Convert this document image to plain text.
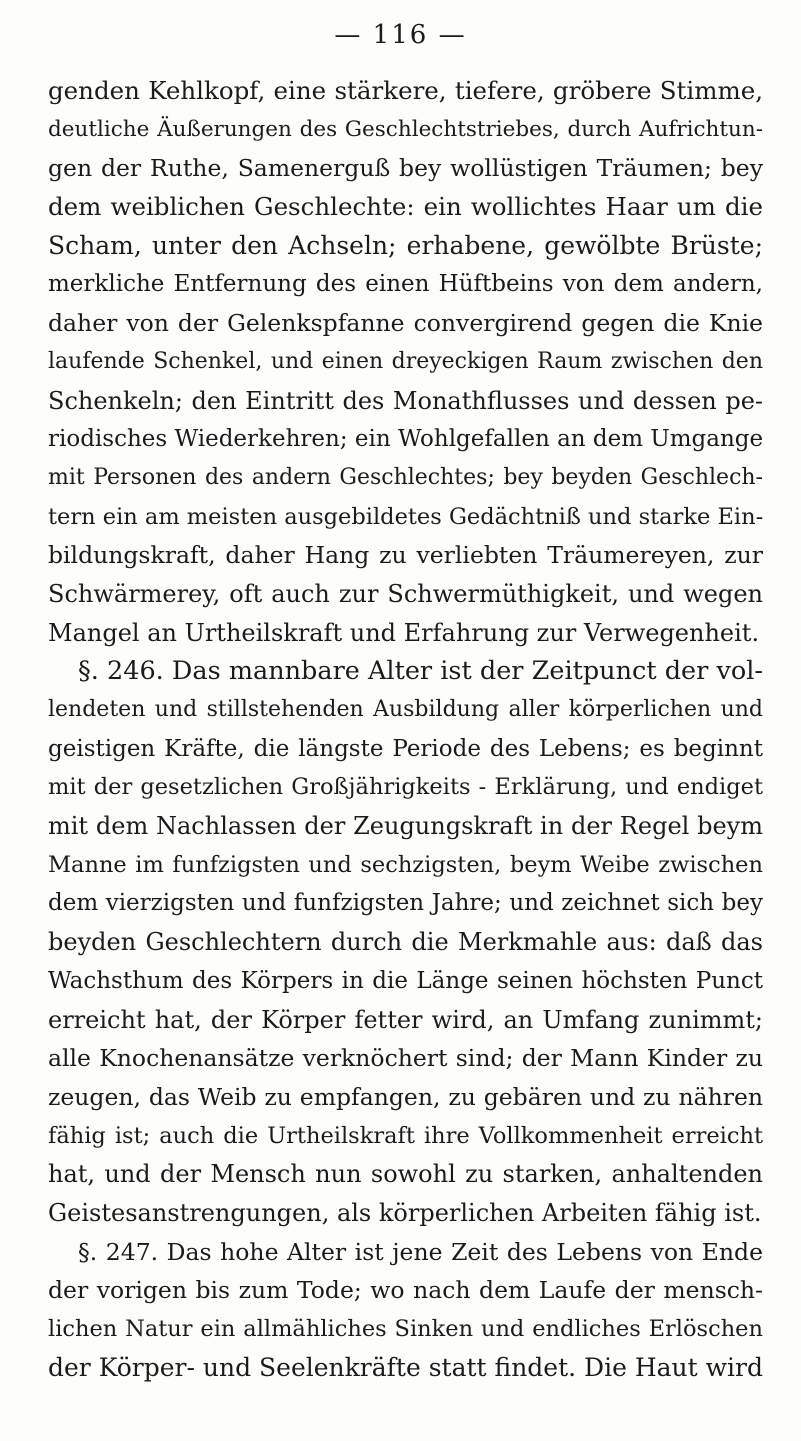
— 116 —
genden Kehlkopf, eine stärkere, tiefere, gröbere Stimme,
deutliche Äußerungen des Geschlechtstriebes, durch Aufrichtun-
gen der Ruthe, Samenerguß bey wollüstigen Träumen; bey
dem weiblichen Geschlechte: ein wollichtes Haar um die
Scham, unter den Achseln; erhabene, gewölbte Brüste;
merkliche Entfernung des einen Hüftbeins von dem andern,
daher von der Gelenkspfanne convergirend gegen die Knie
laufende Schenkel, und einen dreyeckigen Raum zwischen den
Schenkeln; den Eintritt des Monathflusses und dessen pe-
riodisches Wiederkehren; ein Wohlgefallen an dem Umgange
mit Personen des andern Geschlechtes; bey beyden Geschlech-
tern ein am meisten ausgebildetes Gedächtniß und starke Ein-
bildungskraft, daher Hang zu verliebten Träumereyen, zur
Schwärmerey, oft auch zur Schwermüthigkeit, und wegen
Mangel an Urtheilskraft und Erfahrung zur Verwegenheit.
§. 246. Das mannbare Alter ist der Zeitpunct der vol-
lendeten und stillstehenden Ausbildung aller körperlichen und
geistigen Kräfte, die längste Periode des Lebens; es beginnt
mit der gesetzlichen Großjährigkeits - Erklärung, und endiget
mit dem Nachlassen der Zeugungskraft in der Regel beym
Manne im funfzigsten und sechzigsten, beym Weibe zwischen
dem vierzigsten und funfzigsten Jahre; und zeichnet sich bey
beyden Geschlechtern durch die Merkmahle aus: daß das
Wachsthum des Körpers in die Länge seinen höchsten Punct
erreicht hat, der Körper fetter wird, an Umfang zunimmt;
alle Knochenansätze verknöchert sind; der Mann Kinder zu
zeugen, das Weib zu empfangen, zu gebären und zu nähren
fähig ist; auch die Urtheilskraft ihre Vollkommenheit erreicht
hat, und der Mensch nun sowohl zu starken, anhaltenden
Geistesanstrengungen, als körperlichen Arbeiten fähig ist.
§. 247. Das hohe Alter ist jene Zeit des Lebens von Ende
der vorigen bis zum Tode; wo nach dem Laufe der mensch-
lichen Natur ein allmähliches Sinken und endliches Erlöschen
der Körper- und Seelenkräfte statt findet. Die Haut wird
